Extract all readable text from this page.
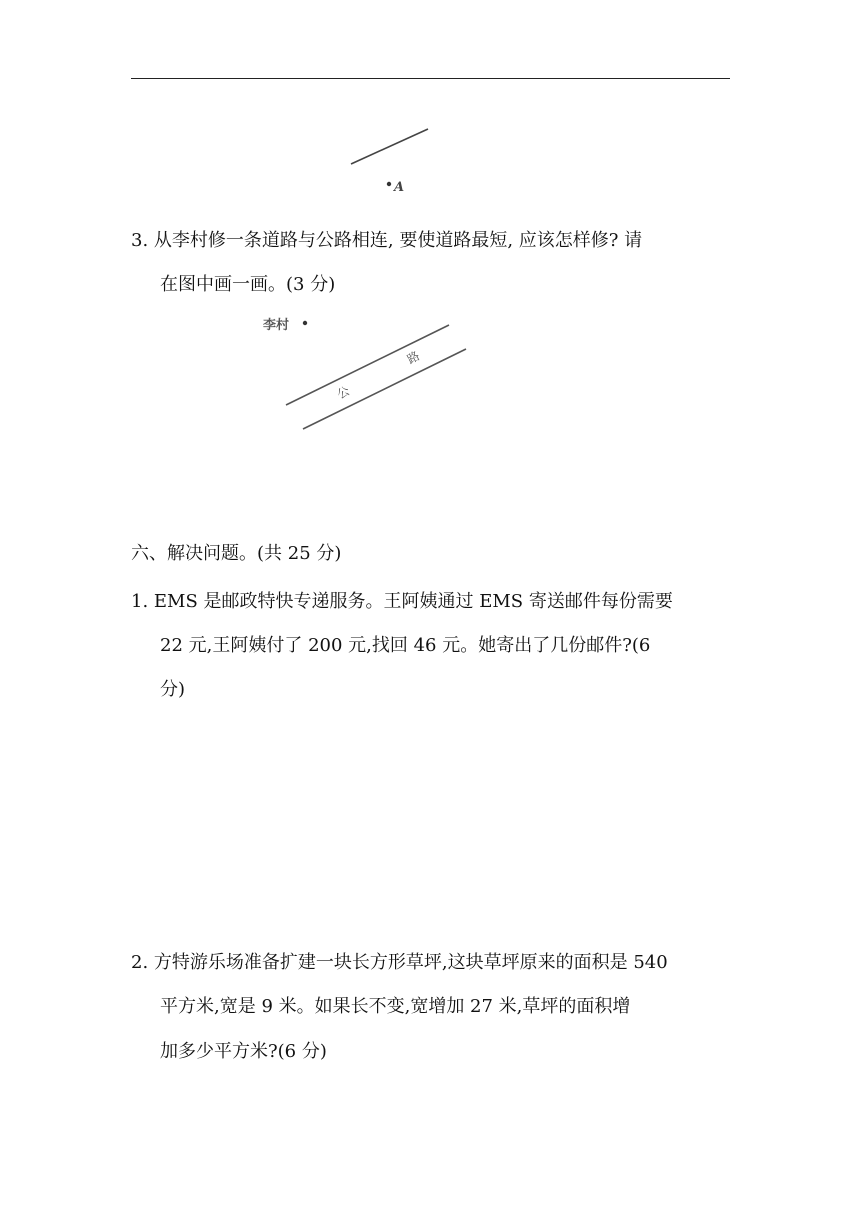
A
李村
公
路
3. 从李村修一条道路与公路相连, 要使道路最短, 应该怎样修? 请
在图中画一画。(3 分)
六、解决问题。(共 25 分)
1. EMS 是邮政特快专递服务。王阿姨通过 EMS 寄送邮件每份需要
22 元,王阿姨付了 200 元,找回 46 元。她寄出了几份邮件?(6
分)
2. 方特游乐场准备扩建一块长方形草坪,这块草坪原来的面积是 540
平方米,宽是 9 米。如果长不变,宽增加 27 米,草坪的面积增
加多少平方米?(6 分)
